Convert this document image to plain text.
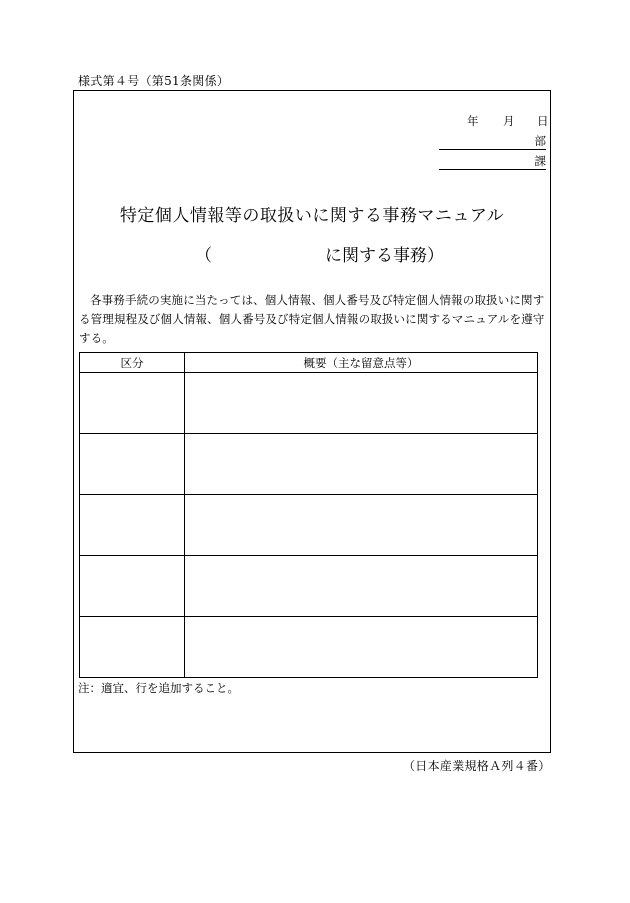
様式第４号（第51条関係）
年	月	日
部
課
特定個人情報等の取扱いに関する事務マニュアル
（	に関する事務）
各事務手続の実施に当たっては、個人情報、個人番号及び特定個人情報の取扱いに関する管理規程及び個人情報、個人番号及び特定個人情報の取扱いに関するマニュアルを遵守する。
区分	概要（主な留意点等）

注：適宜、行を追加すること。
（日本産業規格Ａ列４番）
